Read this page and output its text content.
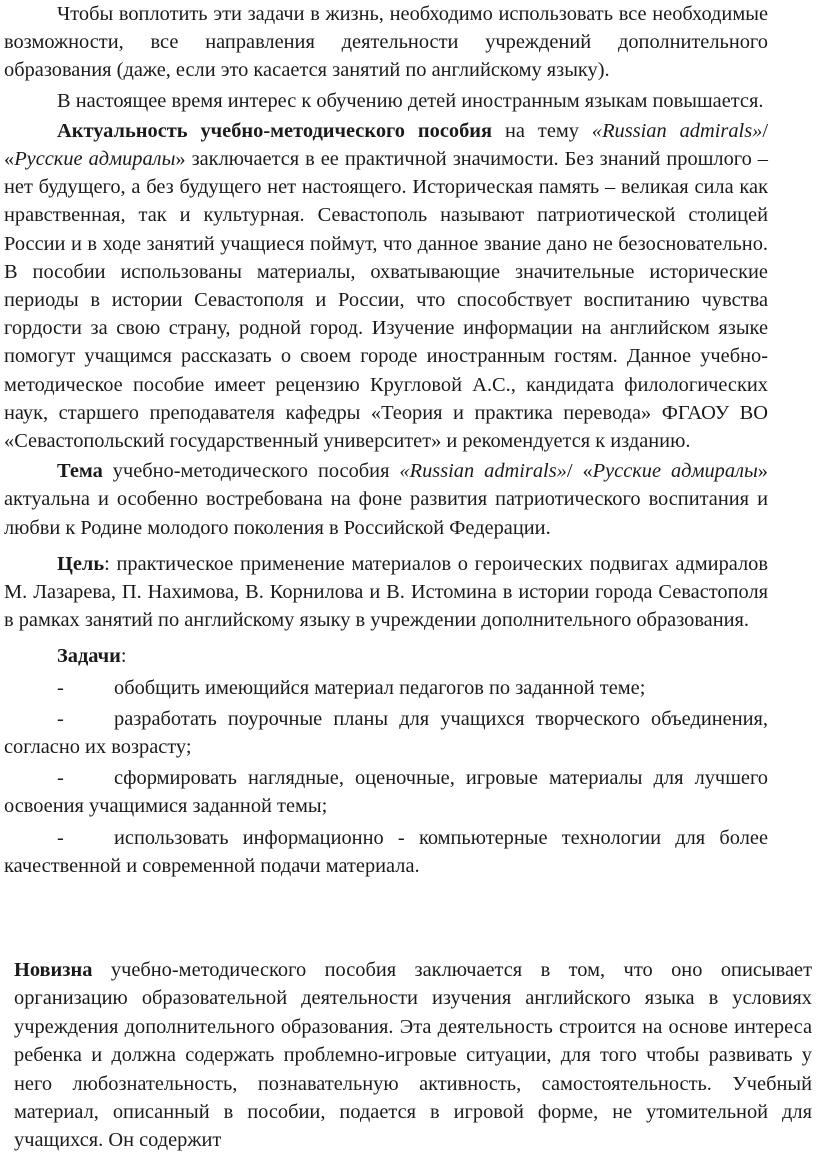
Чтобы воплотить эти задачи в жизнь, необходимо использовать все необходимые возможности, все направления деятельности учреждений дополнительного образования (даже, если это касается занятий по английскому языку).

В настоящее время интерес к обучению детей иностранным языкам повышается.

Актуальность учебно-методического пособия на тему «Russian admirals»/ «Русские адмиралы» заключается в ее практичной значимости. Без знаний прошлого – нет будущего, а без будущего нет настоящего. Историческая память – великая сила как нравственная, так и культурная. Севастополь называют патриотической столицей России и в ходе занятий учащиеся поймут, что данное звание дано не безосновательно. В пособии использованы материалы, охватывающие значительные исторические периоды в истории Севастополя и России, что способствует воспитанию чувства гордости за свою страну, родной город. Изучение информации на английском языке помогут учащимся рассказать о своем городе иностранным гостям. Данное учебно-методическое пособие имеет рецензию Кругловой А.С., кандидата филологических наук, старшего преподавателя кафедры «Теория и практика перевода» ФГАОУ ВО «Севастопольский государственный университет» и рекомендуется к изданию.

Тема учебно-методического пособия «Russian admirals»/ «Русские адмиралы» актуальна и особенно востребована на фоне развития патриотического воспитания и любви к Родине молодого поколения в Российской Федерации.

Цель: практическое применение материалов о героических подвигах адмиралов М. Лазарева, П. Нахимова, В. Корнилова и В. Истомина в истории города Севастополя в рамках занятий по английскому языку в учреждении дополнительного образования.

Задачи:

- обобщить имеющийся материал педагогов по заданной теме;

- разработать поурочные планы для учащихся творческого объединения, согласно их возрасту;

- сформировать наглядные, оценочные, игровые материалы для лучшего освоения учащимися заданной темы;

- использовать информационно - компьютерные технологии для более качественной и современной подачи материала.

Новизна учебно-методического пособия заключается в том, что оно описывает организацию образовательной деятельности изучения английского языка в условиях учреждения дополнительного образования. Эта деятельность строится на основе интереса ребенка и должна содержать проблемно-игровые ситуации, для того чтобы развивать у него любознательность, познавательную активность, самостоятельность. Учебный материал, описанный в пособии, подается в игровой форме, не утомительной для учащихся. Он содержит
